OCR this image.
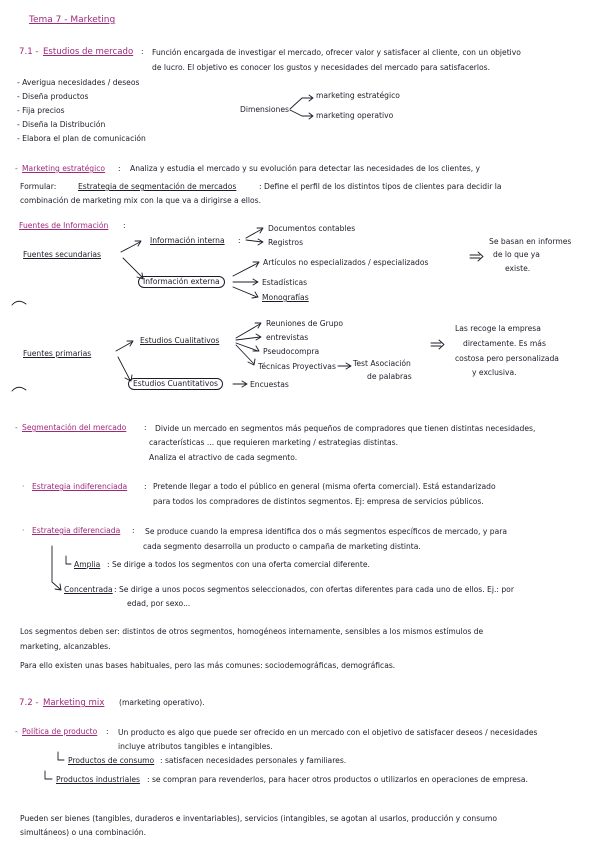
Tema 7 - Marketing
7.1 - Estudios de mercado : Función encargada de investigar el mercado, ofrecer valor y satisfacer al cliente, con un objetivo
de lucro. El objetivo es conocer los gustos y necesidades del mercado para satisfacerlos.
- Averigua necesidades / deseos
- Diseña productos
- Fija precios
- Diseña la Distribución
- Elabora el plan de comunicación
Dimensiones
marketing estratégico
marketing operativo
- Marketing estratégico : Analiza y estudia el mercado y su evolución para detectar las necesidades de los clientes, y
Formular:	Estrategia de segmentación de mercados	: Define el perfil de los distintos tipos de clientes para decidir la
combinación de marketing mix con la que va a dirigirse a ellos.
Fuentes de Información :
Fuentes secundarias
Información interna :
Documentos contables
Registros
Información externa
Artículos no especializados / especializados
Estadísticas
Monografías
Se basan en informes
de lo que ya
existe.
Fuentes primarias
Estudios Cualitativos
Reuniones de Grupo
entrevistas
Pseudocompra
Técnicas Proyectivas Test Asociación
de palabras
Estudios Cuantitativos	Encuestas
Las recoge la empresa
directamente. Es más
costosa pero personalizada
y exclusiva.
- Segmentación del mercado : Divide un mercado en segmentos más pequeños de compradores que tienen distintas necesidades,
características ... que requieren marketing / estrategias distintas.
Analiza el atractivo de cada segmento.
· Estrategia indiferenciada : Pretende llegar a todo el público en general (misma oferta comercial). Está estandarizado
para todos los compradores de distintos segmentos. Ej: empresa de servicios públicos.
· Estrategia diferenciada : Se produce cuando la empresa identifica dos o más segmentos específicos de mercado, y para
cada segmento desarrolla un producto o campaña de marketing distinta.
Amplia : Se dirige a todos los segmentos con una oferta comercial diferente.
Concentrada : Se dirige a unos pocos segmentos seleccionados, con ofertas diferentes para cada uno de ellos. Ej.: por
edad, por sexo...
Los segmentos deben ser: distintos de otros segmentos, homogéneos internamente, sensibles a los mismos estímulos de
marketing, alcanzables.
Para ello existen unas bases habituales, pero las más comunes: sociodemográficas, demográficas.
7.2 - Marketing mix (marketing operativo).
- Política de producto : Un producto es algo que puede ser ofrecido en un mercado con el objetivo de satisfacer deseos / necesidades
incluye atributos tangibles e intangibles.
Productos de consumo : satisfacen necesidades personales y familiares.
Productos industriales : se compran para revenderlos, para hacer otros productos o utilizarlos en operaciones de empresa.
Pueden ser bienes (tangibles, duraderos e inventariables), servicios (intangibles, se agotan al usarlos, producción y consumo
simultáneos) o una combinación.
